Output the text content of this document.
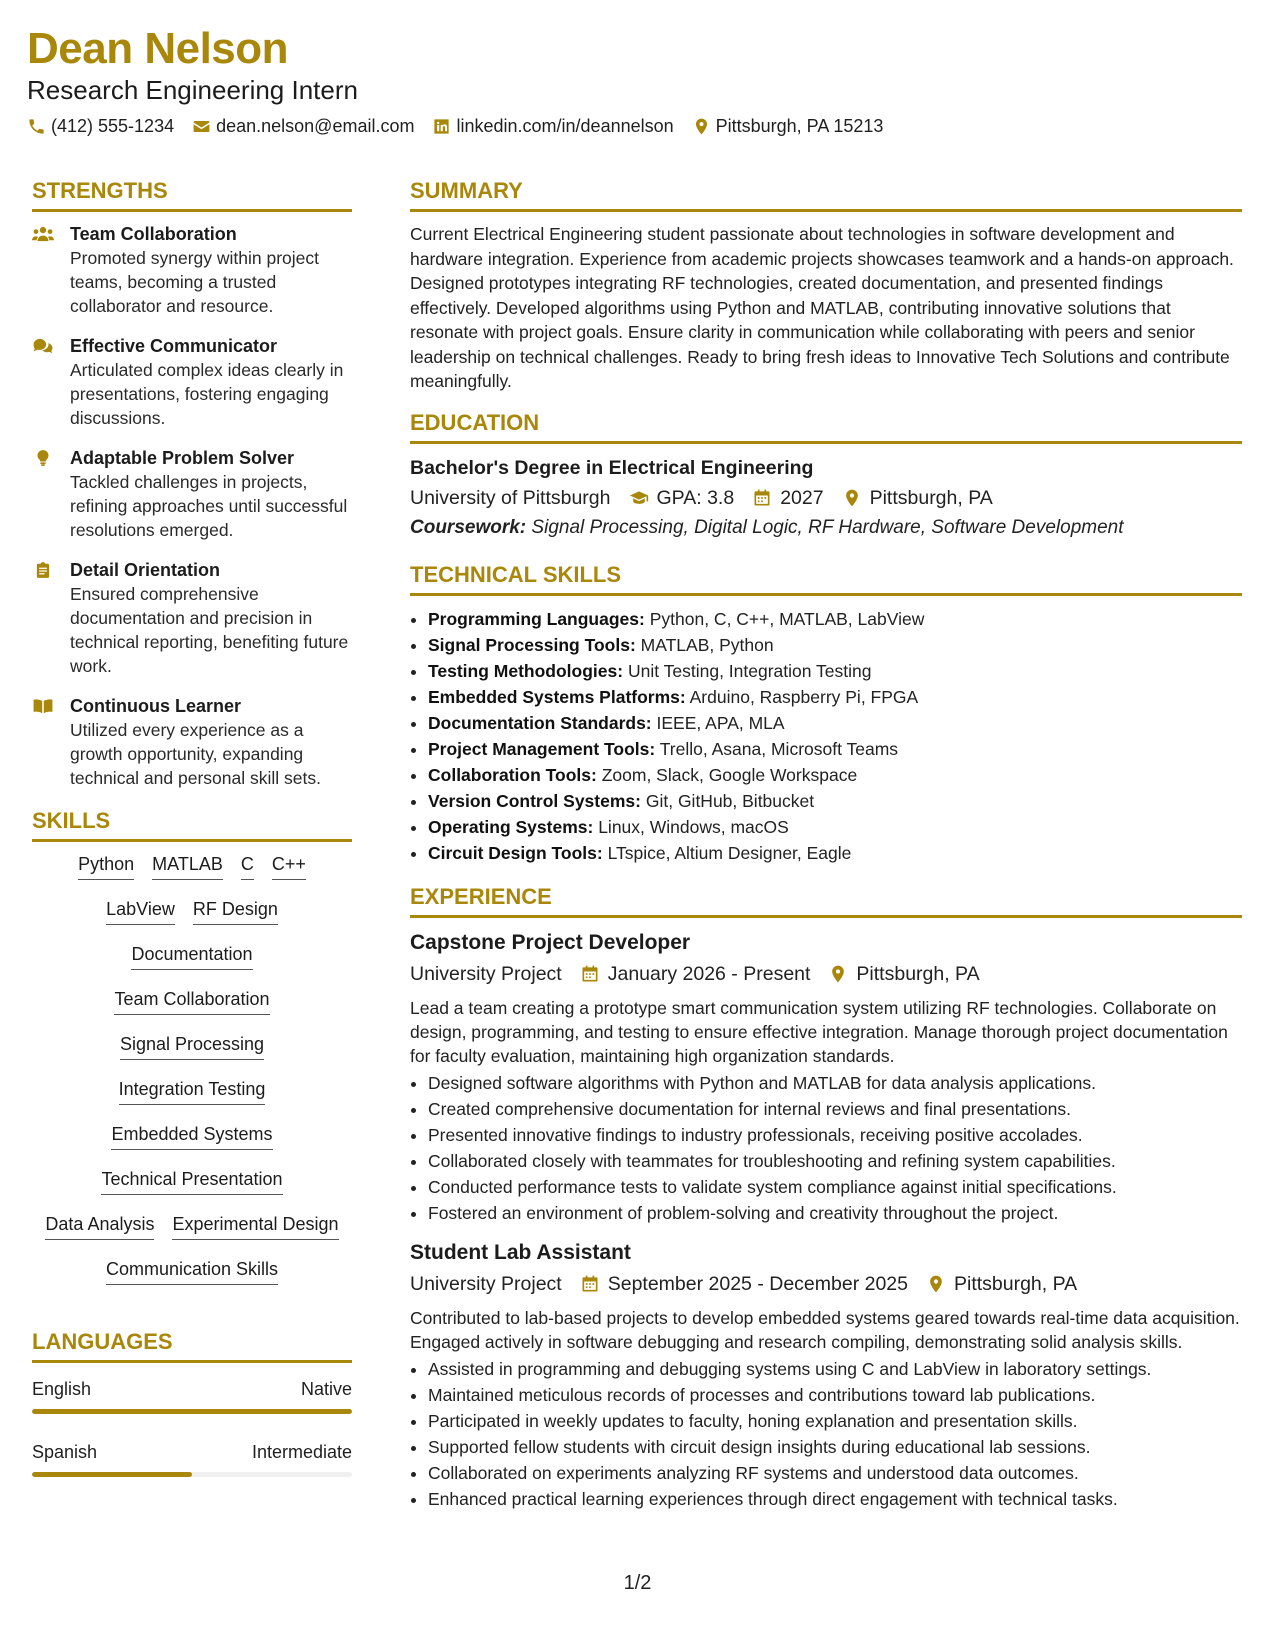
Dean Nelson
Research Engineering Intern
(412) 555-1234 dean.nelson@email.com linkedin.com/in/deannelson Pittsburgh, PA 15213
STRENGTHS
Team Collaboration
Promoted synergy within project teams, becoming a trusted collaborator and resource.
Effective Communicator
Articulated complex ideas clearly in presentations, fostering engaging discussions.
Adaptable Problem Solver
Tackled challenges in projects, refining approaches until successful resolutions emerged.
Detail Orientation
Ensured comprehensive documentation and precision in technical reporting, benefiting future work.
Continuous Learner
Utilized every experience as a growth opportunity, expanding technical and personal skill sets.
SKILLS
Python MATLAB C C++
LabView RF Design
Documentation
Team Collaboration
Signal Processing
Integration Testing
Embedded Systems
Technical Presentation
Data Analysis Experimental Design
Communication Skills
LANGUAGES
English	Native
Spanish	Intermediate
SUMMARY
Current Electrical Engineering student passionate about technologies in software development and hardware integration. Experience from academic projects showcases teamwork and a hands-on approach. Designed prototypes integrating RF technologies, created documentation, and presented findings effectively. Developed algorithms using Python and MATLAB, contributing innovative solutions that resonate with project goals. Ensure clarity in communication while collaborating with peers and senior leadership on technical challenges. Ready to bring fresh ideas to Innovative Tech Solutions and contribute meaningfully.
EDUCATION
Bachelor's Degree in Electrical Engineering
University of Pittsburgh GPA: 3.8 2027 Pittsburgh, PA
Coursework: Signal Processing, Digital Logic, RF Hardware, Software Development
TECHNICAL SKILLS
• Programming Languages: Python, C, C++, MATLAB, LabView
• Signal Processing Tools: MATLAB, Python
• Testing Methodologies: Unit Testing, Integration Testing
• Embedded Systems Platforms: Arduino, Raspberry Pi, FPGA
• Documentation Standards: IEEE, APA, MLA
• Project Management Tools: Trello, Asana, Microsoft Teams
• Collaboration Tools: Zoom, Slack, Google Workspace
• Version Control Systems: Git, GitHub, Bitbucket
• Operating Systems: Linux, Windows, macOS
• Circuit Design Tools: LTspice, Altium Designer, Eagle
EXPERIENCE
Capstone Project Developer
University Project January 2026 - Present Pittsburgh, PA
Lead a team creating a prototype smart communication system utilizing RF technologies. Collaborate on design, programming, and testing to ensure effective integration. Manage thorough project documentation for faculty evaluation, maintaining high organization standards.
• Designed software algorithms with Python and MATLAB for data analysis applications.
• Created comprehensive documentation for internal reviews and final presentations.
• Presented innovative findings to industry professionals, receiving positive accolades.
• Collaborated closely with teammates for troubleshooting and refining system capabilities.
• Conducted performance tests to validate system compliance against initial specifications.
• Fostered an environment of problem-solving and creativity throughout the project.
Student Lab Assistant
University Project September 2025 - December 2025 Pittsburgh, PA
Contributed to lab-based projects to develop embedded systems geared towards real-time data acquisition. Engaged actively in software debugging and research compiling, demonstrating solid analysis skills.
• Assisted in programming and debugging systems using C and LabView in laboratory settings.
• Maintained meticulous records of processes and contributions toward lab publications.
• Participated in weekly updates to faculty, honing explanation and presentation skills.
• Supported fellow students with circuit design insights during educational lab sessions.
• Collaborated on experiments analyzing RF systems and understood data outcomes.
• Enhanced practical learning experiences through direct engagement with technical tasks.
1/2
